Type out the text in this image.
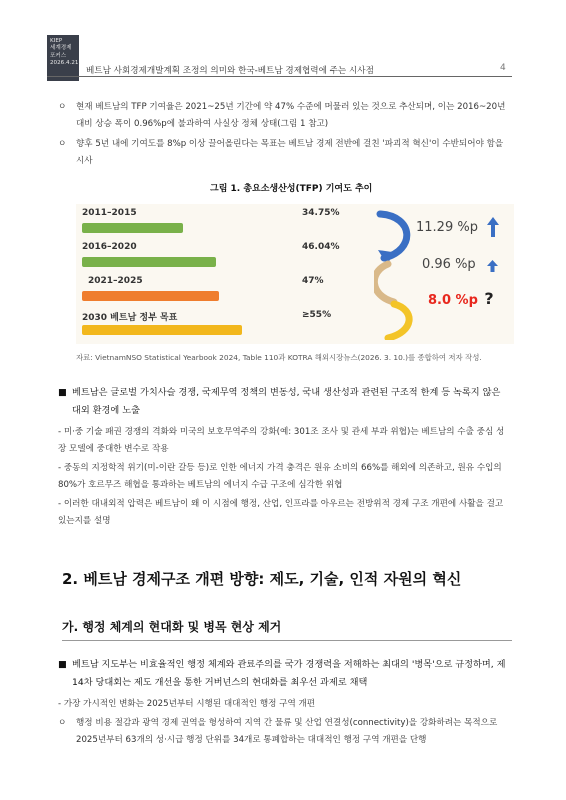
KIEP
세계경제
포커스
2026.4.21.
베트남 사회경제개발계획 조정의 의미와 한국-베트남 경제협력에 주는 시사점	4
ㅇ	현재 베트남의 TFP 기여율은 2021~25년 기간에 약 47% 수준에 머물러 있는 것으로 추산되며, 이는 2016~20년 대비 상승 폭이 0.96%p에 불과하여 사실상 정체 상태(그림 1 참고)
ㅇ	향후 5년 내에 기여도를 8%p 이상 끌어올린다는 목표는 베트남 경제 전반에 걸친 '파괴적 혁신'이 수반되어야 함을 시사
그림 1. 총요소생산성(TFP) 기여도 추이
2011–2015	34.75%
2016–2020	46.04%
2021–2025	47%
2030 베트남 정부 목표	≥55%
11.29 %p
0.96 %p
8.0 %p ?
자료: VietnamNSO Statistical Yearbook 2024, Table 110과 KOTRA 해외시장뉴스(2026. 3. 10.)를 종합하여 저자 작성.
■ 베트남은 글로벌 가치사슬 경쟁, 국제무역 정책의 변동성, 국내 생산성과 관련된 구조적 한계 등 녹록지 않은 대외 환경에 노출
- 미·중 기술 패권 경쟁의 격화와 미국의 보호무역주의 강화(예: 301조 조사 및 관세 부과 위협)는 베트남의 수출 중심 성장 모델에 중대한 변수로 작용
- 중동의 지정학적 위기(미-이란 갈등 등)로 인한 에너지 가격 충격은 원유 소비의 66%를 해외에 의존하고, 원유 수입의 80%가 호르무즈 해협을 통과하는 베트남의 에너지 수급 구조에 심각한 위협
- 이러한 대내외적 압력은 베트남이 왜 이 시점에 행정, 산업, 인프라를 아우르는 전방위적 경제 구조 개편에 사활을 걸고 있는지를 설명
2. 베트남 경제구조 개편 방향: 제도, 기술, 인적 자원의 혁신
가. 행정 체계의 현대화 및 병목 현상 제거
■ 베트남 지도부는 비효율적인 행정 체계와 관료주의를 국가 경쟁력을 저해하는 최대의 '병목'으로 규정하며, 제14차 당대회는 제도 개선을 통한 거버넌스의 현대화를 최우선 과제로 채택
- 가장 가시적인 변화는 2025년부터 시행된 대대적인 행정 구역 개편
ㅇ	행정 비용 절감과 광역 경제 권역을 형성하여 지역 간 물류 및 산업 연결성(connectivity)을 강화하려는 목적으로 2025년부터 63개의 성·시급 행정 단위를 34개로 통폐합하는 대대적인 행정 구역 개편을 단행
